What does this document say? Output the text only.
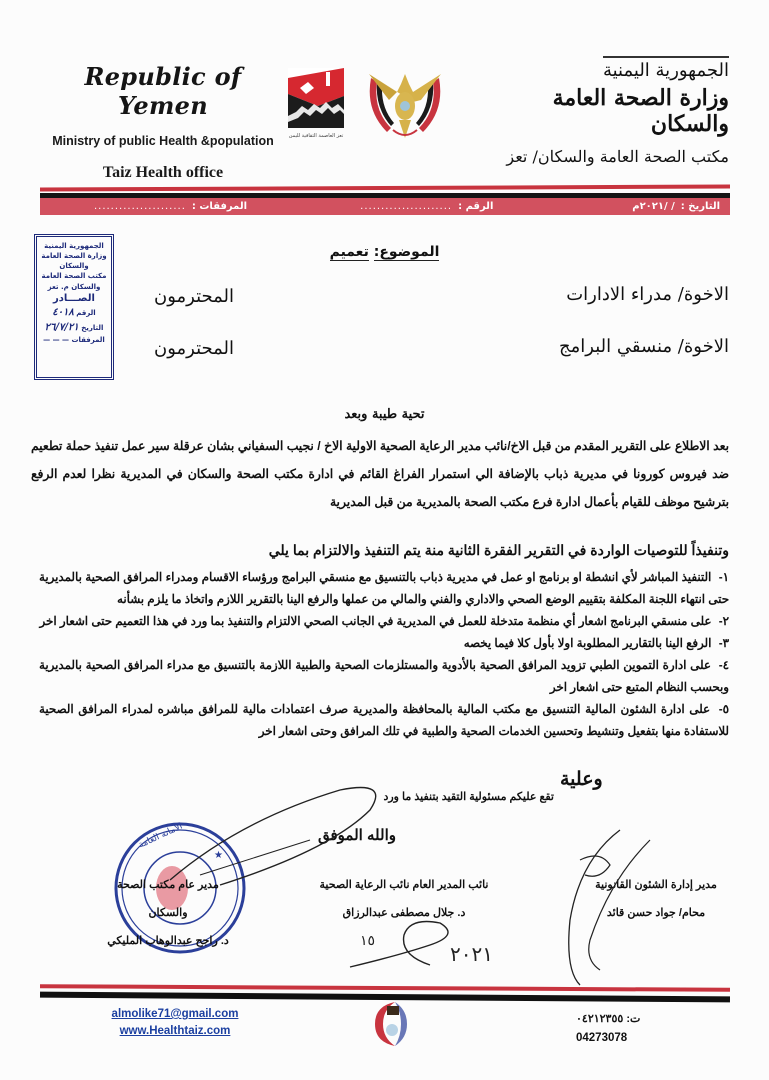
Republic of Yemen
Ministry of public Health &population
Taiz Health office
تعز العاصمة الثقافية لليمن
الجمهورية اليمنية
وزارة الصحة العامة والسكان
مكتب الصحة العامة والسكان/ تعز
التاريخ :
/ /٢٠٢١م
الرقم :
......................
المرفقات :
......................
الجمهورية اليمنية
وزارة الصحة العامة والسكان
مكتب الصحة العامة والسكان م. تعز
الصـــادر
الرقم ٤٠١٨
التاريخ ٢٦/٧/٢١
المرفقات — — —
الموضوع: تعميم
الاخوة/ مدراء الادارات
المحترمون
الاخوة/ منسقي البرامج
المحترمون
تحية طيبة وبعد
بعد الاطلاع على التقرير المقدم من قبل الاخ/نائب مدير الرعاية الصحية الاولية الاخ / نجيب السفياني بشان عرقلة سير عمل تنفيذ حملة تطعيم ضد فيروس كورونا في مديرية ذباب بالإضافة الي استمرار الفراغ القائم في ادارة مكتب الصحة والسكان في المديرية نظرا لعدم الرفع بترشيح موظف للقيام بأعمال ادارة فرع مكتب الصحة بالمديرية من قبل المديرية
وتنفيذاً للتوصيات الواردة في التقرير الفقرة الثانية منة يتم التنفيذ والالتزام بما يلي
١- التنفيذ المباشر لأي انشطة او برنامج او عمل في مديرية ذباب بالتنسيق مع منسقي البرامج ورؤساء الاقسام ومدراء المرافق الصحية بالمديرية حتى انتهاء اللجنة المكلفة بتقييم الوضع الصحي والاداري والفني والمالي من عملها والرفع الينا بالتقرير اللازم واتخاذ ما يلزم بشأنه
٢- على منسقي البرنامج اشعار أي منظمة متدخلة للعمل في المديرية في الجانب الصحي الالتزام والتنفيذ بما ورد في هذا التعميم حتى اشعار اخر
٣- الرفع الينا بالتقارير المطلوبة اولا بأول كلا فيما يخصه
٤- على ادارة التموين الطبي تزويد المرافق الصحية بالأدوية والمستلزمات الصحية والطبية اللازمة بالتنسيق مع مدراء المرافق الصحية بالمديرية وبحسب النظام المتبع حتى اشعار اخر
٥- على ادارة الشئون المالية التنسيق مع مكتب المالية بالمحافظة والمديرية صرف اعتمادات مالية للمرافق مباشره لمدراء المرافق الصحية للاستفادة منها بتفعيل وتنشيط وتحسين الخدمات الصحية والطبية في تلك المرافق وحتى اشعار اخر
وعلية
تقع عليكم مسئولية التقيد بتنفيذ ما ورد
والله الموفق
★
الأمانة العامة
مدير إدارة الشئون القانونية
محام/ جواد حسن قائد
نائب المدير العام نائب الرعاية الصحية
د. جلال مصطفى عبدالرزاق
مدير عام مكتب الصحة والسكان
د. راجح عبدالوهاب المليكي
٢٠٢١
١٥
almolike71@gmail.com
www.Healthtaiz.com
ت: ٠٤٢١٢٣٥٥
04273078
